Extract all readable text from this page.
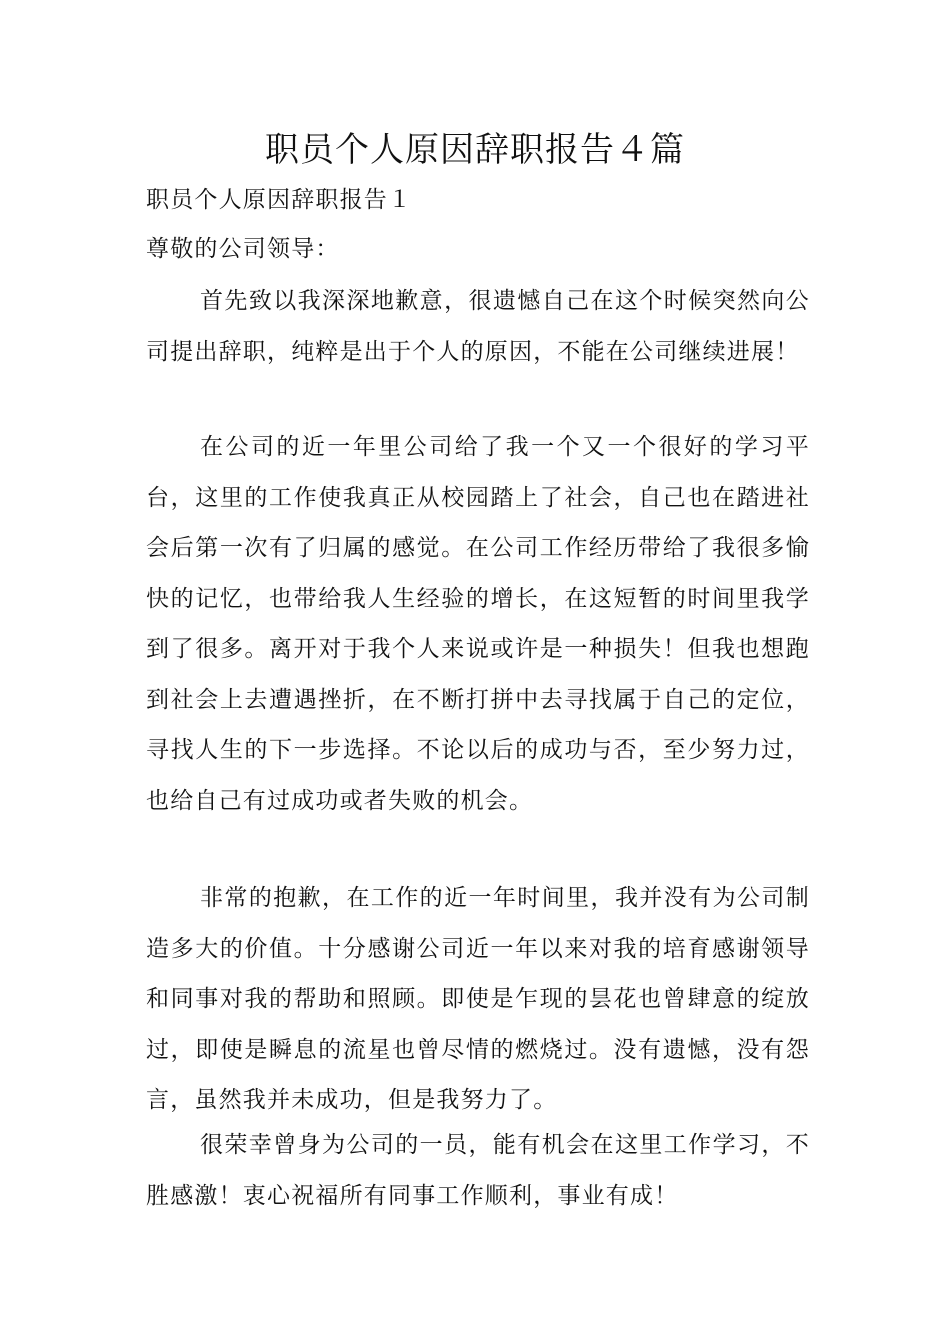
职员个人原因辞职报告４篇

职员个人原因辞职报告１

尊敬的公司领导：

首先致以我深深地歉意，很遗憾自己在这个时候突然向公司提出辞职，纯粹是出于个人的原因，不能在公司继续进展！

在公司的近一年里公司给了我一个又一个很好的学习平台，这里的工作使我真正从校园踏上了社会，自己也在踏进社会后第一次有了归属的感觉。在公司工作经历带给了我很多愉快的记忆，也带给我人生经验的增长，在这短暂的时间里我学到了很多。离开对于我个人来说或许是一种损失！但我也想跑到社会上去遭遇挫折，在不断打拼中去寻找属于自己的定位，寻找人生的下一步选择。不论以后的成功与否，至少努力过，也给自己有过成功或者失败的机会。

非常的抱歉，在工作的近一年时间里，我并没有为公司制造多大的价值。十分感谢公司近一年以来对我的培育感谢领导和同事对我的帮助和照顾。即使是乍现的昙花也曾肆意的绽放过，即使是瞬息的流星也曾尽情的燃烧过。没有遗憾，没有怨言，虽然我并未成功，但是我努力了。

很荣幸曾身为公司的一员，能有机会在这里工作学习，不胜感激！衷心祝福所有同事工作顺利，事业有成！
